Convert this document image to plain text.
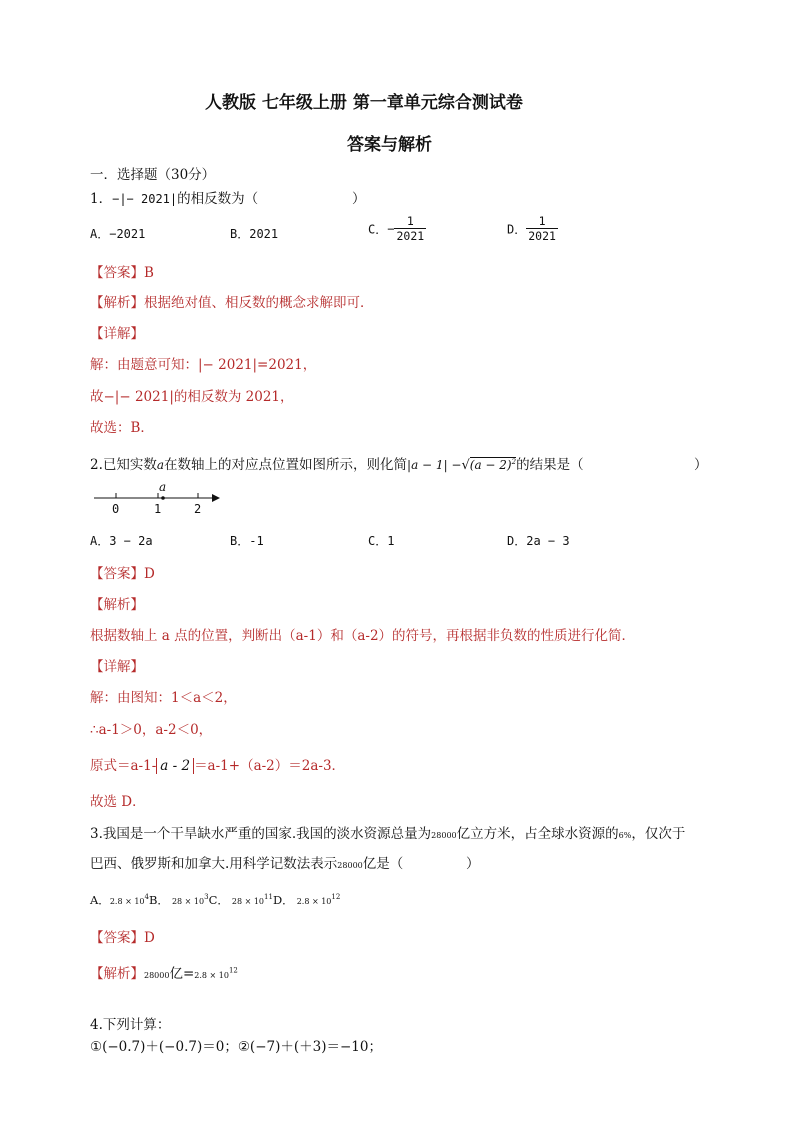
人教版 七年级上册 第一章单元综合测试卷
答案与解析
一．选择题（30分）
1．−|− 2021|的相反数为（	）
A．−2021	B．2021	C．− $\frac{1}{2021}$	D． $\frac{1}{2021}$
【答案】B
【解析】根据绝对值、相反数的概念求解即可．
【详解】
解：由题意可知：|− 2021|=2021，
故−|− 2021|的相反数为 2021，
故选：B．
2.已知实数a在数轴上的对应点位置如图所示，则化简$|a - 1| -√(a - 2)^2$的结果是（	）
a
0	1	2
A．3 − 2a	B．-1	C．1	D．2a − 3
【答案】D
【解析】
根据数轴上 a 点的位置，判断出（a-1）和（a-2）的符号，再根据非负数的性质进行化简．
【详解】
解：由图知：1＜a＜2，
∴a-1＞0，a-2＜0，
原式＝a-1- a - 2 ＝a-1+（a-2）＝2a-3．
故选 D．
3.我国是一个干旱缺水严重的国家.我国的淡水资源总量为28000亿立方米，占全球水资源的6%，仅次于
巴西、俄罗斯和加拿大.用科学记数法表示28000亿是（	）
A．$2.8 \times 10^4B$． $28 \times 10^3C$． $28 \times 10^{11}D$． $2.8 \times 10^{12}$
【答案】D
【解析】28000亿$=2.8 \times 10^{12}$
4.下列计算：
①(−0.7)＋(−0.7)＝0；②(−7)＋(＋3)＝−10；
